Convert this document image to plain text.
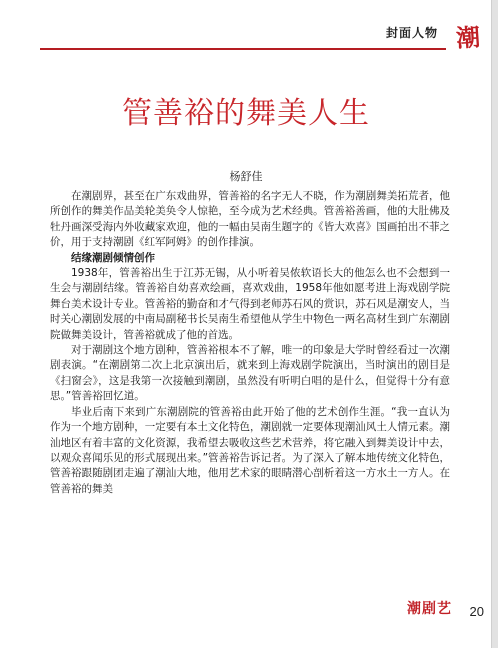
封面人物 潮
管善裕的舞美人生
杨舒佳

在潮剧界，甚至在广东戏曲界，管善裕的名字无人不晓，作为潮剧舞美拓荒者，他所创作的舞美作品美轮美奂令人惊艳，至今成为艺术经典。管善裕善画，他的大肚佛及牡丹画深受海内外收藏家欢迎，他的一幅由吴南生题字的《皆大欢喜》国画拍出不菲之价，用于支持潮剧《红军阿姆》的创作排演。

结缘潮剧倾情创作

1938年，管善裕出生于江苏无锡，从小听着吴侬软语长大的他怎么也不会想到一生会与潮剧结缘。管善裕自幼喜欢绘画，喜欢戏曲，1958年他如愿考进上海戏剧学院舞台美术设计专业。管善裕的勤奋和才气得到老师苏石风的赏识，苏石风是潮安人，当时关心潮剧发展的中南局副秘书长吴南生希望他从学生中物色一两名高材生到广东潮剧院做舞美设计，管善裕就成了他的首选。

对于潮剧这个地方剧种，管善裕根本不了解，唯一的印象是大学时曾经看过一次潮剧表演。“在潮剧第二次上北京演出后，就来到上海戏剧学院演出，当时演出的剧目是《扫窗会》，这是我第一次接触到潮剧，虽然没有听明白唱的是什么，但觉得十分有意思。”管善裕回忆道。

毕业后南下来到广东潮剧院的管善裕由此开始了他的艺术创作生涯。“我一直认为作为一个地方剧种，一定要有本土文化特色，潮剧就一定要体现潮汕风土人情元素。潮汕地区有着丰富的文化资源，我希望去吸收这些艺术营养，将它融入到舞美设计中去，以观众喜闻乐见的形式展现出来。”管善裕告诉记者。为了深入了解本地传统文化特色，管善裕跟随剧团走遍了潮汕大地，他用艺术家的眼睛潜心剖析着这一方水土一方人。在管善裕的舞美

潮剧艺 20
